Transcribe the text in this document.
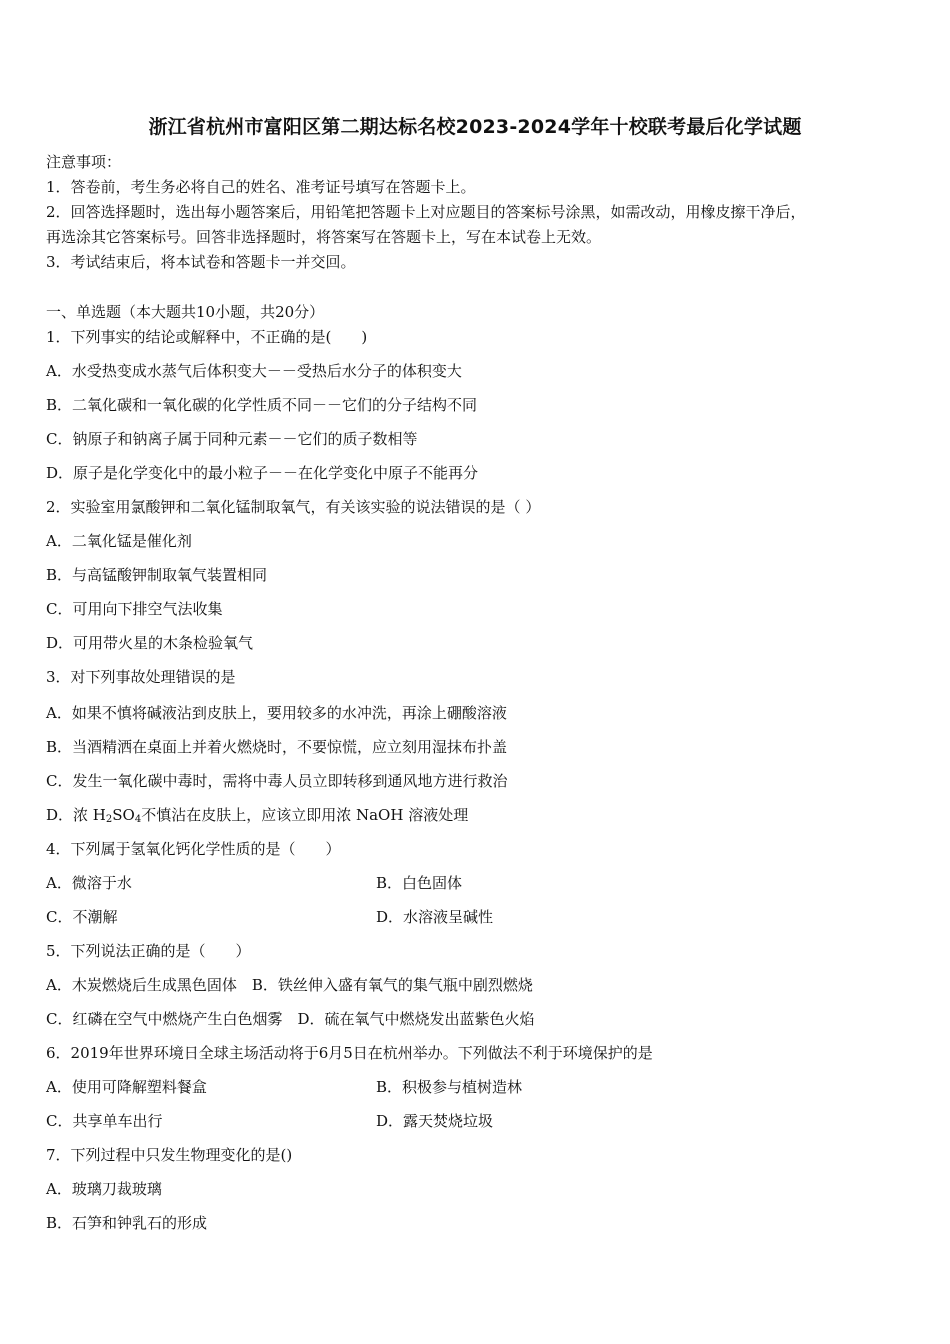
浙江省杭州市富阳区第二期达标名校2023-2024学年十校联考最后化学试题
注意事项：
1．答卷前，考生务必将自己的姓名、准考证号填写在答题卡上。
2．回答选择题时，选出每小题答案后，用铅笔把答题卡上对应题目的答案标号涂黑，如需改动，用橡皮擦干净后，
再选涂其它答案标号。回答非选择题时，将答案写在答题卡上，写在本试卷上无效。
3．考试结束后，将本试卷和答题卡一并交回。
一、单选题（本大题共10小题，共20分）
1．下列事实的结论或解释中，不正确的是(　　)
A．水受热变成水蒸气后体积变大－－受热后水分子的体积变大
B．二氧化碳和一氧化碳的化学性质不同－－它们的分子结构不同
C．钠原子和钠离子属于同种元素－－它们的质子数相等
D．原子是化学变化中的最小粒子－－在化学变化中原子不能再分
2．实验室用氯酸钾和二氧化锰制取氧气，有关该实验的说法错误的是（ ）
A．二氧化锰是催化剂
B．与高锰酸钾制取氧气装置相同
C．可用向下排空气法收集
D．可用带火星的木条检验氧气
3．对下列事故处理错误的是
A．如果不慎将碱液沾到皮肤上，要用较多的水冲洗，再涂上硼酸溶液
B．当酒精洒在桌面上并着火燃烧时，不要惊慌，应立刻用湿抹布扑盖
C．发生一氧化碳中毒时，需将中毒人员立即转移到通风地方进行救治
D．浓 $H_2SO_4$不慎沾在皮肤上，应该立即用浓 NaOH 溶液处理
4．下列属于氢氧化钙化学性质的是（　　）
A．微溶于水	B．白色固体
C．不潮解	D．水溶液呈碱性
5．下列说法正确的是（　　）
A．木炭燃烧后生成黑色固体　B．铁丝伸入盛有氧气的集气瓶中剧烈燃烧
C．红磷在空气中燃烧产生白色烟雾　D．硫在氧气中燃烧发出蓝紫色火焰
6．2019年世界环境日全球主场活动将于6月5日在杭州举办。下列做法不利于环境保护的是
A．使用可降解塑料餐盒	B．积极参与植树造林
C．共享单车出行	D．露天焚烧垃圾
7．下列过程中只发生物理变化的是()
A．玻璃刀裁玻璃
B．石笋和钟乳石的形成
